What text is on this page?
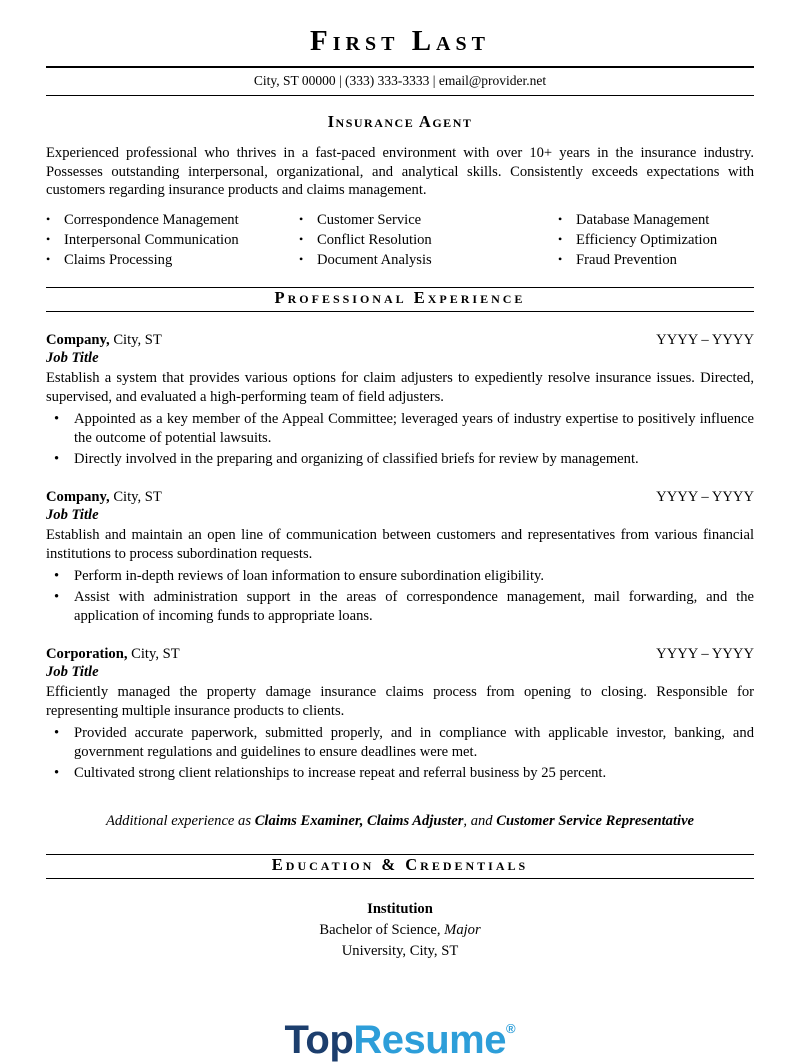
First Last
City, ST 00000 | (333) 333-3333 | email@provider.net
Insurance Agent

Experienced professional who thrives in a fast-paced environment with over 10+ years in the insurance industry. Possesses outstanding interpersonal, organizational, and analytical skills. Consistently exceeds expectations with customers regarding insurance products and claims management.

•
Correspondence Management
•
Interpersonal Communication
•
Claims Processing
•
Customer Service
•
Conflict Resolution
•
Document Analysis
•
Database Management
•
Efficiency Optimization
•
Fraud Prevention
Professional Experience
Company, City, ST	YYYY – YYYY
Job Title

Establish a system that provides various options for claim adjusters to expediently resolve insurance issues. Directed, supervised, and evaluated a high-performing team of field adjusters.

•
Appointed as a key member of the Appeal Committee; leveraged years of industry expertise to positively influence the outcome of potential lawsuits.
•
Directly involved in the preparing and organizing of classified briefs for review by management.
Company, City, ST	YYYY – YYYY
Job Title

Establish and maintain an open line of communication between customers and representatives from various financial institutions to process subordination requests.

•
Perform in-depth reviews of loan information to ensure subordination eligibility.
•
Assist with administration support in the areas of correspondence management, mail forwarding, and the application of incoming funds to appropriate loans.
Corporation, City, ST	YYYY – YYYY
Job Title

Efficiently managed the property damage insurance claims process from opening to closing. Responsible for representing multiple insurance products to clients.

•
Provided accurate paperwork, submitted properly, and in compliance with applicable investor, banking, and government regulations and guidelines to ensure deadlines were met.
•
Cultivated strong client relationships to increase repeat and referral business by 25 percent.

Additional experience as Claims Examiner, Claims Adjuster, and Customer Service Representative

Education & Credentials
Institution
Bachelor of Science, Major
University, City, ST
TopResume®
